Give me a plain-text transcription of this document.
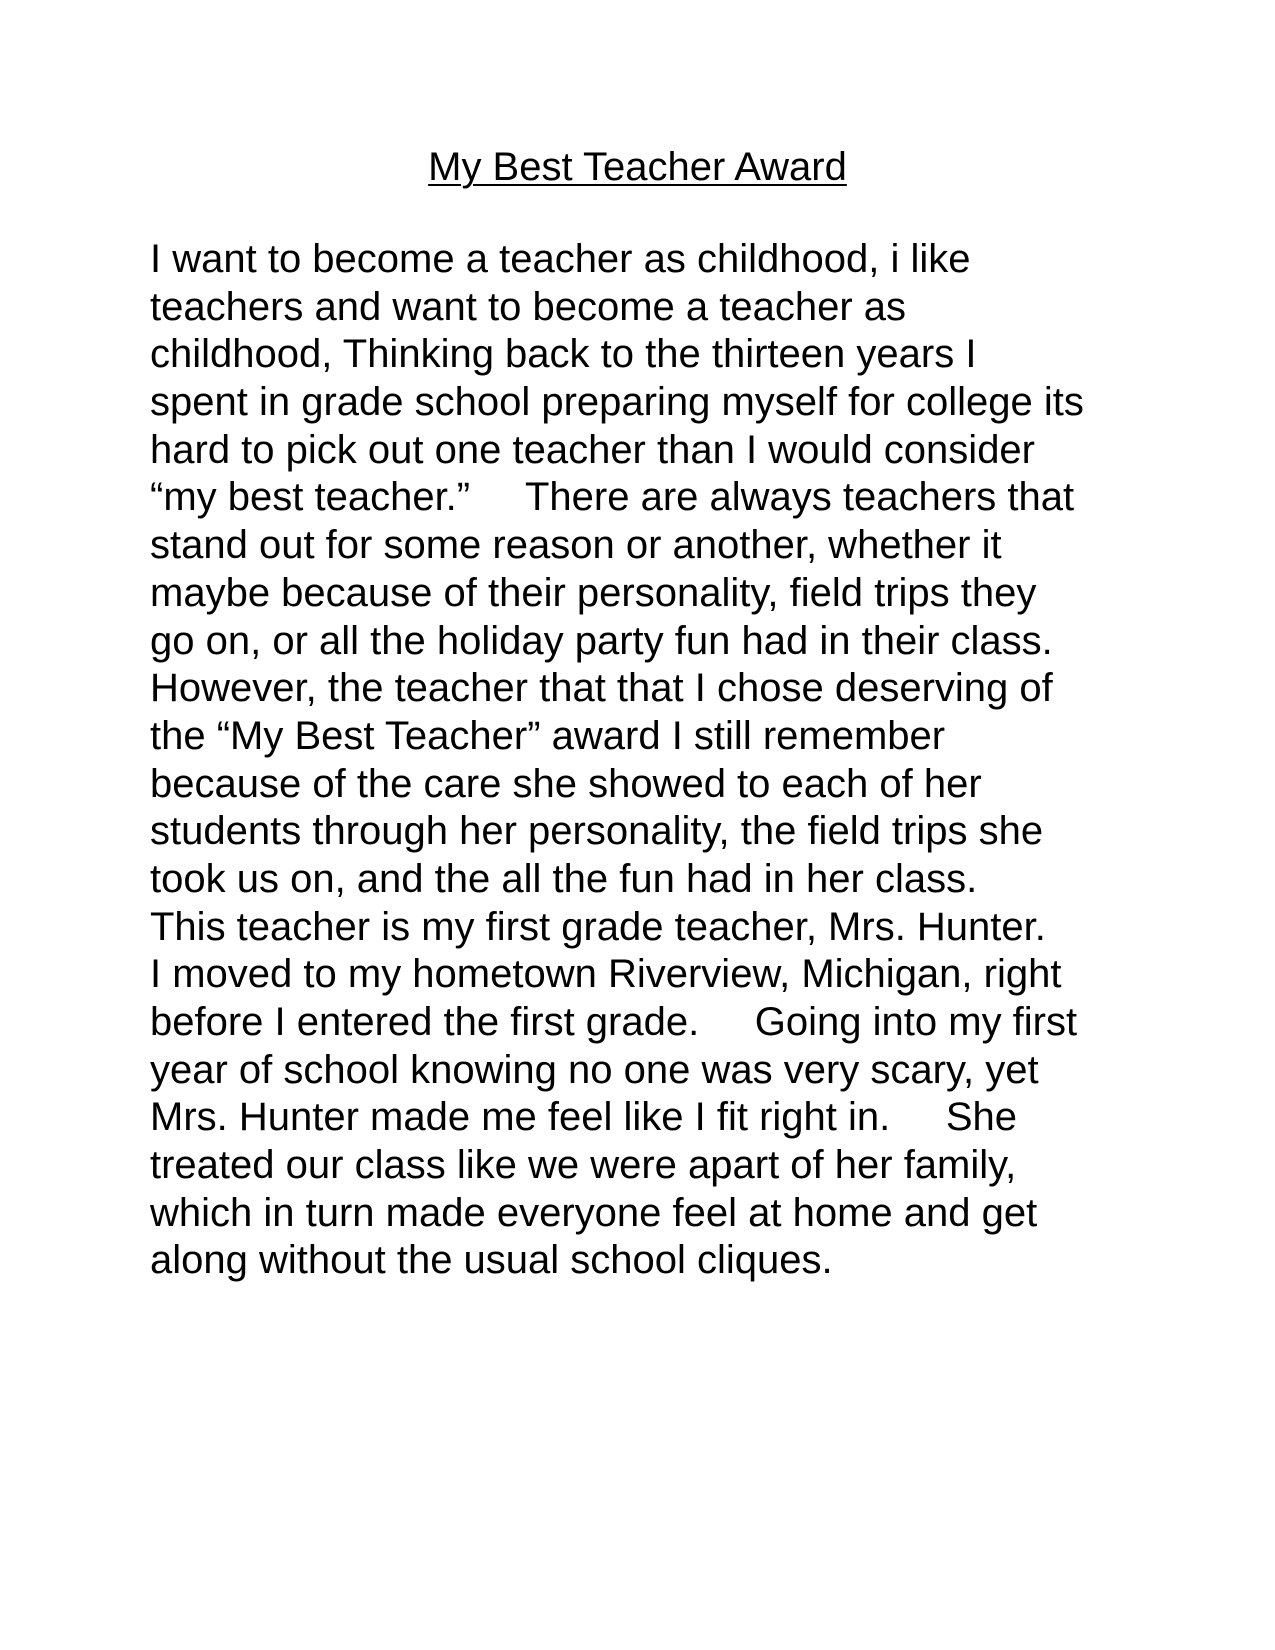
My Best Teacher Award
I want to become a teacher as childhood, i like
teachers and want to become a teacher as
childhood, Thinking back to the thirteen years I
spent in grade school preparing myself for college its
hard to pick out one teacher than I would consider
“my best teacher.”     There are always teachers that
stand out for some reason or another, whether it
maybe because of their personality, field trips they
go on, or all the holiday party fun had in their class.
However, the teacher that that I chose deserving of
the “My Best Teacher” award I still remember
because of the care she showed to each of her
students through her personality, the field trips she
took us on, and the all the fun had in her class.
This teacher is my first grade teacher, Mrs. Hunter.
I moved to my hometown Riverview, Michigan, right
before I entered the first grade.     Going into my first
year of school knowing no one was very scary, yet
Mrs. Hunter made me feel like I fit right in.     She
treated our class like we were apart of her family,
which in turn made everyone feel at home and get
along without the usual school cliques.
